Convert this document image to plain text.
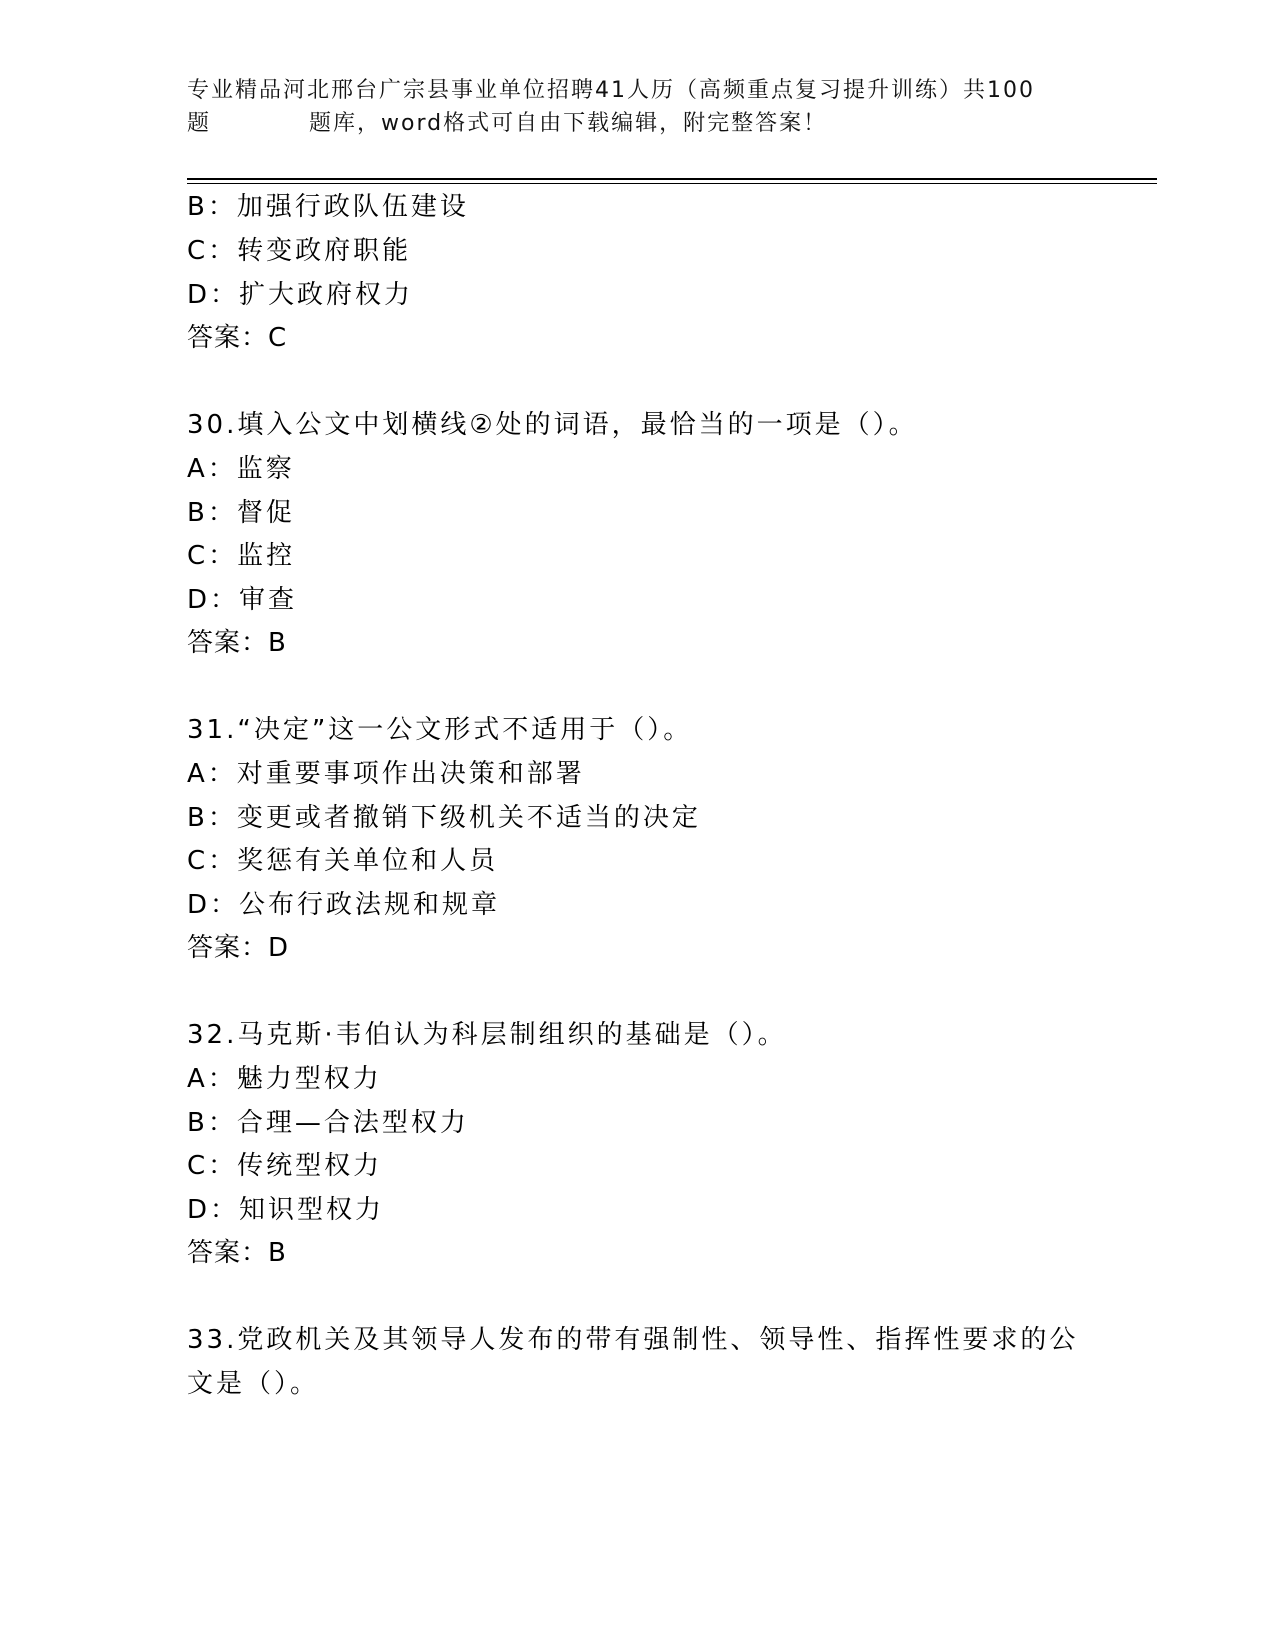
专业精品河北邢台广宗县事业单位招聘41人历（高频重点复习提升训练）共100
题	题库，word格式可自由下载编辑，附完整答案！
B：加强行政队伍建设
C：转变政府职能
D：扩大政府权力
答案：C
30.填入公文中划横线②处的词语，最恰当的一项是（）。
A：监察
B：督促
C：监控
D：审查
答案：B
31.“决定”这一公文形式不适用于（）。
A：对重要事项作出决策和部署
B：变更或者撤销下级机关不适当的决定
C：奖惩有关单位和人员
D：公布行政法规和规章
答案：D
32.马克斯·韦伯认为科层制组织的基础是（）。
A：魅力型权力
B：合理—合法型权力
C：传统型权力
D：知识型权力
答案：B
33.党政机关及其领导人发布的带有强制性、领导性、指挥性要求的公
文是（）。
